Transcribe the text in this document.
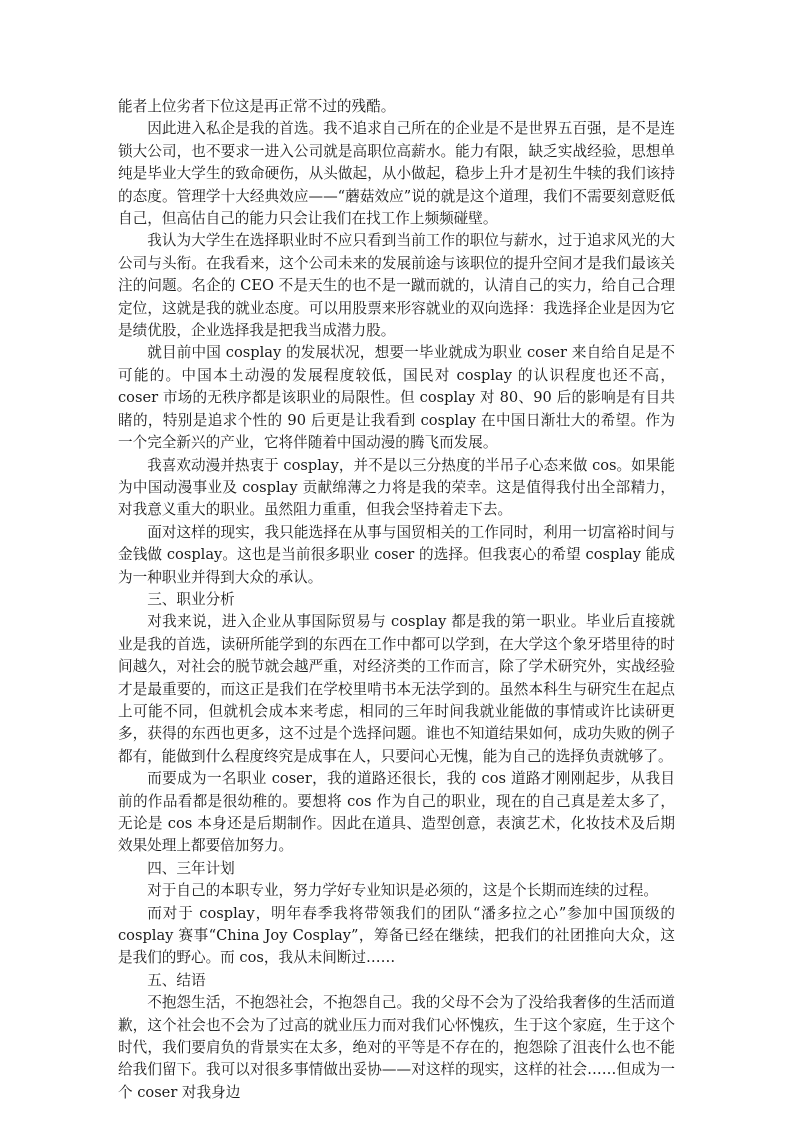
能者上位劣者下位这是再正常不过的残酷。

因此进入私企是我的首选。我不追求自己所在的企业是不是世界五百强，是不是连锁大公司，也不要求一进入公司就是高职位高薪水。能力有限，缺乏实战经验，思想单纯是毕业大学生的致命硬伤，从头做起，从小做起，稳步上升才是初生牛犊的我们该持的态度。管理学十大经典效应——“蘑菇效应”说的就是这个道理，我们不需要刻意贬低自己，但高估自己的能力只会让我们在找工作上频频碰壁。

我认为大学生在选择职业时不应只看到当前工作的职位与薪水，过于追求风光的大公司与头衔。在我看来，这个公司未来的发展前途与该职位的提升空间才是我们最该关注的问题。名企的 CEO 不是天生的也不是一蹴而就的，认清自己的实力，给自己合理定位，这就是我的就业态度。可以用股票来形容就业的双向选择：我选择企业是因为它是绩优股，企业选择我是把我当成潜力股。

就目前中国 cosplay 的发展状况，想要一毕业就成为职业 coser 来自给自足是不可能的。中国本土动漫的发展程度较低，国民对 cosplay 的认识程度也还不高，coser 市场的无秩序都是该职业的局限性。但 cosplay 对 80、90 后的影响是有目共睹的，特别是追求个性的 90 后更是让我看到 cosplay 在中国日渐壮大的希望。作为一个完全新兴的产业，它将伴随着中国动漫的腾飞而发展。

我喜欢动漫并热衷于 cosplay，并不是以三分热度的半吊子心态来做 cos。如果能为中国动漫事业及 cosplay 贡献绵薄之力将是我的荣幸。这是值得我付出全部精力，对我意义重大的职业。虽然阻力重重，但我会坚持着走下去。

面对这样的现实，我只能选择在从事与国贸相关的工作同时，利用一切富裕时间与金钱做 cosplay。这也是当前很多职业 coser 的选择。但我衷心的希望 cosplay 能成为一种职业并得到大众的承认。

三、职业分析

对我来说，进入企业从事国际贸易与 cosplay 都是我的第一职业。毕业后直接就业是我的首选，读研所能学到的东西在工作中都可以学到，在大学这个象牙塔里待的时间越久，对社会的脱节就会越严重，对经济类的工作而言，除了学术研究外，实战经验才是最重要的，而这正是我们在学校里啃书本无法学到的。虽然本科生与研究生在起点上可能不同，但就机会成本来考虑，相同的三年时间我就业能做的事情或许比读研更多，获得的东西也更多，这不过是个选择问题。谁也不知道结果如何，成功失败的例子都有，能做到什么程度终究是成事在人，只要问心无愧，能为自己的选择负责就够了。

而要成为一名职业 coser，我的道路还很长，我的 cos 道路才刚刚起步，从我目前的作品看都是很幼稚的。要想将 cos 作为自己的职业，现在的自己真是差太多了，无论是 cos 本身还是后期制作。因此在道具、造型创意，表演艺术，化妆技术及后期效果处理上都要倍加努力。

四、三年计划

对于自己的本职专业，努力学好专业知识是必须的，这是个长期而连续的过程。

而对于 cosplay，明年春季我将带领我们的团队“潘多拉之心”参加中国顶级的 cosplay 赛事“China Joy Cosplay”，筹备已经在继续，把我们的社团推向大众，这是我们的野心。而 cos，我从未间断过……

五、结语

不抱怨生活，不抱怨社会，不抱怨自己。我的父母不会为了没给我奢侈的生活而道歉，这个社会也不会为了过高的就业压力而对我们心怀愧疚，生于这个家庭，生于这个时代，我们要肩负的背景实在太多，绝对的平等是不存在的，抱怨除了沮丧什么也不能给我们留下。我可以对很多事情做出妥协——对这样的现实，这样的社会……但成为一个 coser 对我身边
